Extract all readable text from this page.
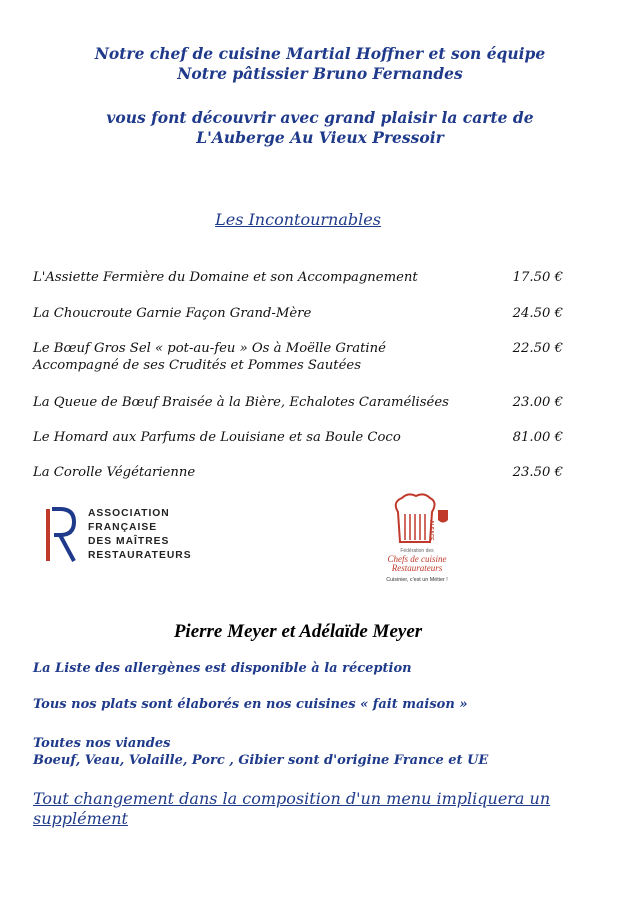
Notre chef de cuisine Martial Hoffner et son équipe
Notre pâtissier Bruno Fernandes
vous font découvrir avec grand plaisir la carte de
L'Auberge Au Vieux Pressoir
Les Incontournables
L'Assiette Fermière du Domaine et son Accompagnement	17.50 €
La Choucroute Garnie Façon Grand-Mère	24.50 €
Le Bœuf Gros Sel « pot-au-feu » Os à Moëlle Gratiné
Accompagné de ses Crudités et Pommes Sautées
22.50 €
La Queue de Bœuf Braisée à la Bière, Echalotes Caramélisées	23.00 €
Le Homard aux Parfums de Louisiane et sa Boule Coco	81.00 €
La Corolle Végétarienne	23.50 €
ASSOCIATION
FRANÇAISE
DES MAÎTRES
RESTAURATEURS
ALSACE
Fédération des
Chefs de cuisine
Restaurateurs
Cuisinier, c'est un Métier !
Pierre Meyer et Adélaïde Meyer
La Liste des allergènes est disponible à la réception
Tous nos plats sont élaborés en nos cuisines « fait maison »
Toutes nos viandes
Boeuf, Veau, Volaille, Porc , Gibier sont d'origine France et UE
Tout changement dans la composition d'un menu impliquera un supplément
